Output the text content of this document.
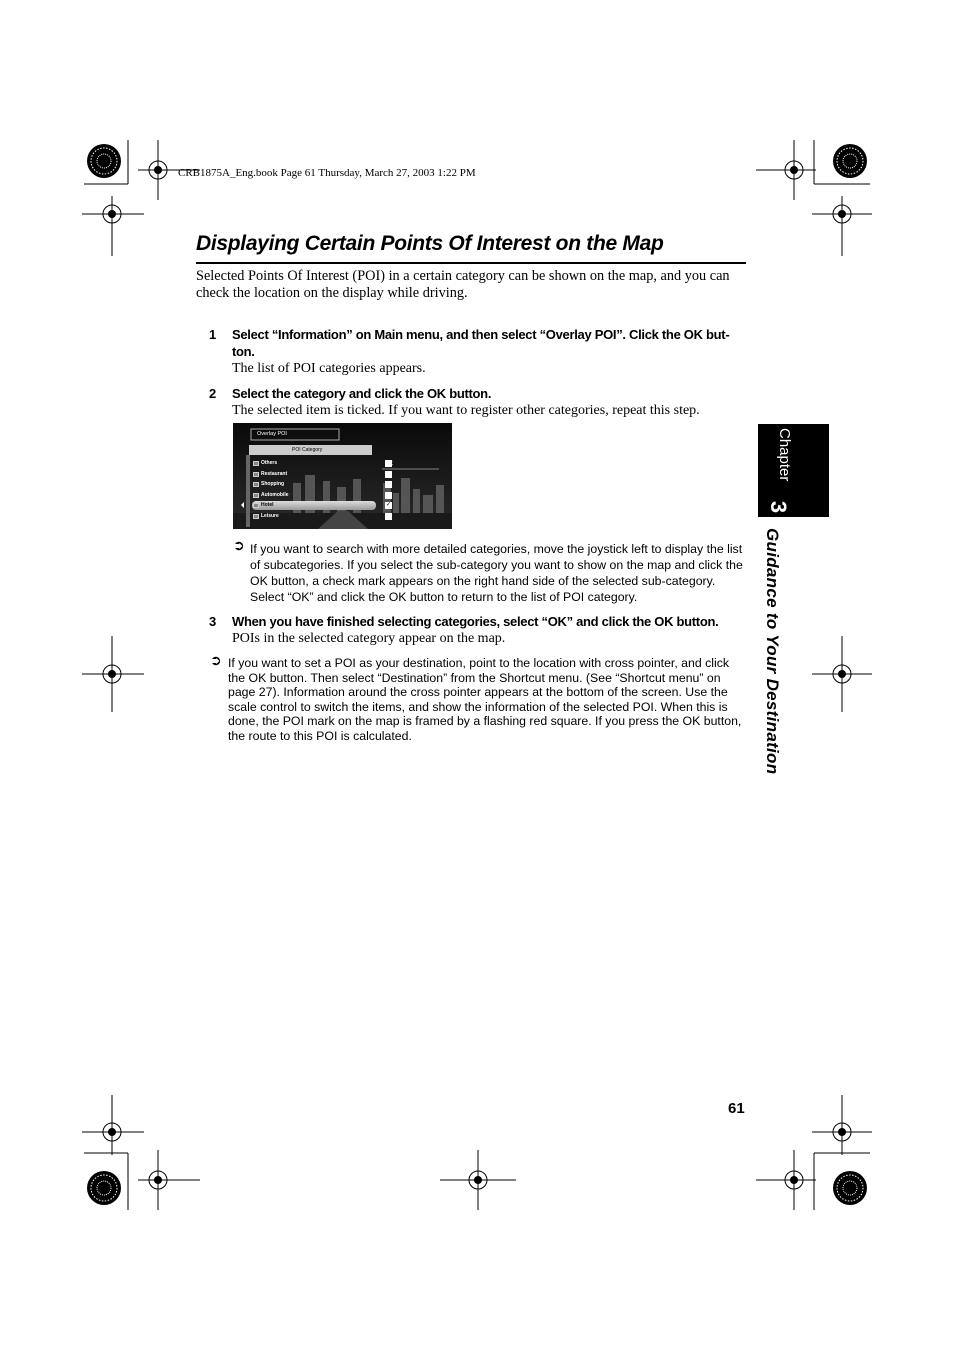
CRB1875A_Eng.book Page 61 Thursday, March 27, 2003 1:22 PM
Displaying Certain Points Of Interest on the Map
Selected Points Of Interest (POI) in a certain category can be shown on the map, and you can check the location on the display while driving.
1 Select “Information” on Main menu, and then select “Overlay POI”. Click the OK but-
ton.
The list of POI categories appears.
2 Select the category and click the OK button.
The selected item is ticked. If you want to register other categories, repeat this step.
Overlay POI
POI Category
Others
Restaurant
Shopping
Automobile
Hotel	✓
Leisure
➲ If you want to search with more detailed categories, move the joystick left to display the list of subcategories. If you select the sub-category you want to show on the map and click the OK button, a check mark appears on the right hand side of the selected sub-category. Select “OK” and click the OK button to return to the list of POI category.
3 When you have finished selecting categories, select “OK” and click the OK button.
POIs in the selected category appear on the map.
➲ If you want to set a POI as your destination, point to the location with cross pointer, and click the OK button. Then select “Destination” from the Shortcut menu. (See “Shortcut menu” on page 27). Information around the cross pointer appears at the bottom of the screen. Use the scale control to switch the items, and show the information of the selected POI. When this is done, the POI mark on the map is framed by a flashing red square. If you press the OK button, the route to this POI is calculated.
Chapter
3
Guidance to Your Destination
61
